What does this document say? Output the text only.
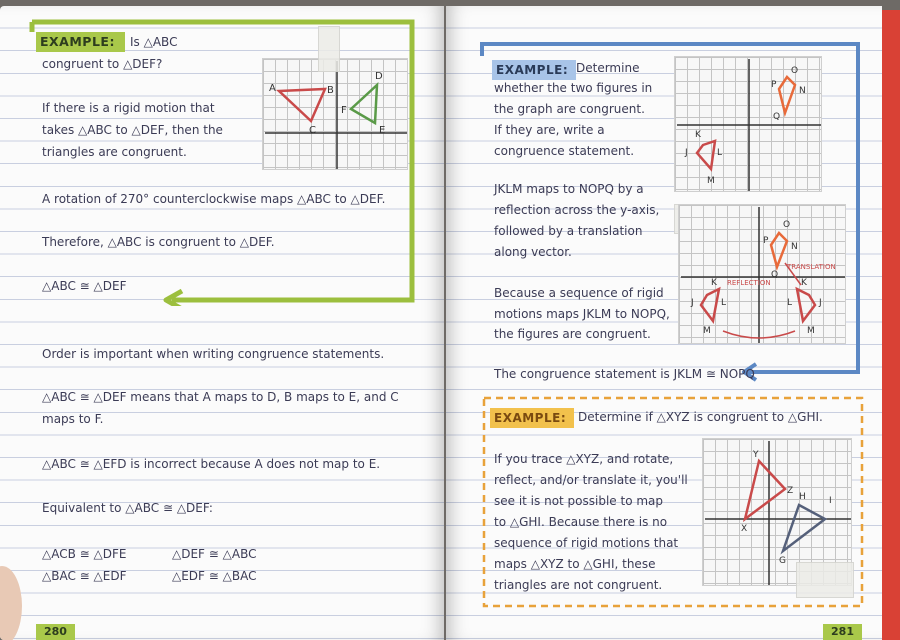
EXAMPLE:	Is △ABC
congruent to △DEF?
A	B
C
D
E
F
If there is a rigid motion that
takes △ABC to △DEF, then the
triangles are congruent.
A rotation of 270° counterclockwise maps △ABC to △DEF.
Therefore, △ABC is congruent to △DEF.
△ABC ≅ △DEF
Order is important when writing congruence statements.
△ABC ≅ △DEF means that A maps to D, B maps to E, and C
maps to F.
△ABC ≅ △EFD is incorrect because A does not map to E.
Equivalent to △ABC ≅ △DEF:
△ACB ≅ △DFE	△DEF ≅ △ABC
△BAC ≅ △EDF	△EDF ≅ △BAC
280
EXAMPLE: Determine
whether the two figures in
the graph are congruent.
If they are, write a
congruence statement.
O
P
N
Q
K
J	L
M
JKLM maps to NOPQ by a
reflection across the y-axis,
followed by a translation
along vector.
O
P
N
Q
TRANSLATION
REFLECTION
K	K
J	J
L	L
M	M
Because a sequence of rigid
motions maps JKLM to NOPQ,
the figures are congruent.
The congruence statement is JKLM ≅ NOPQ
EXAMPLE: Determine if △XYZ is congruent to △GHI.
If you trace △XYZ, and rotate,
reflect, and/or translate it, you'll
see it is not possible to map
to △GHI. Because there is no
sequence of rigid motions that
maps △XYZ to △GHI, these
triangles are not congruent.
Y
Z
H	I
X
G
281
